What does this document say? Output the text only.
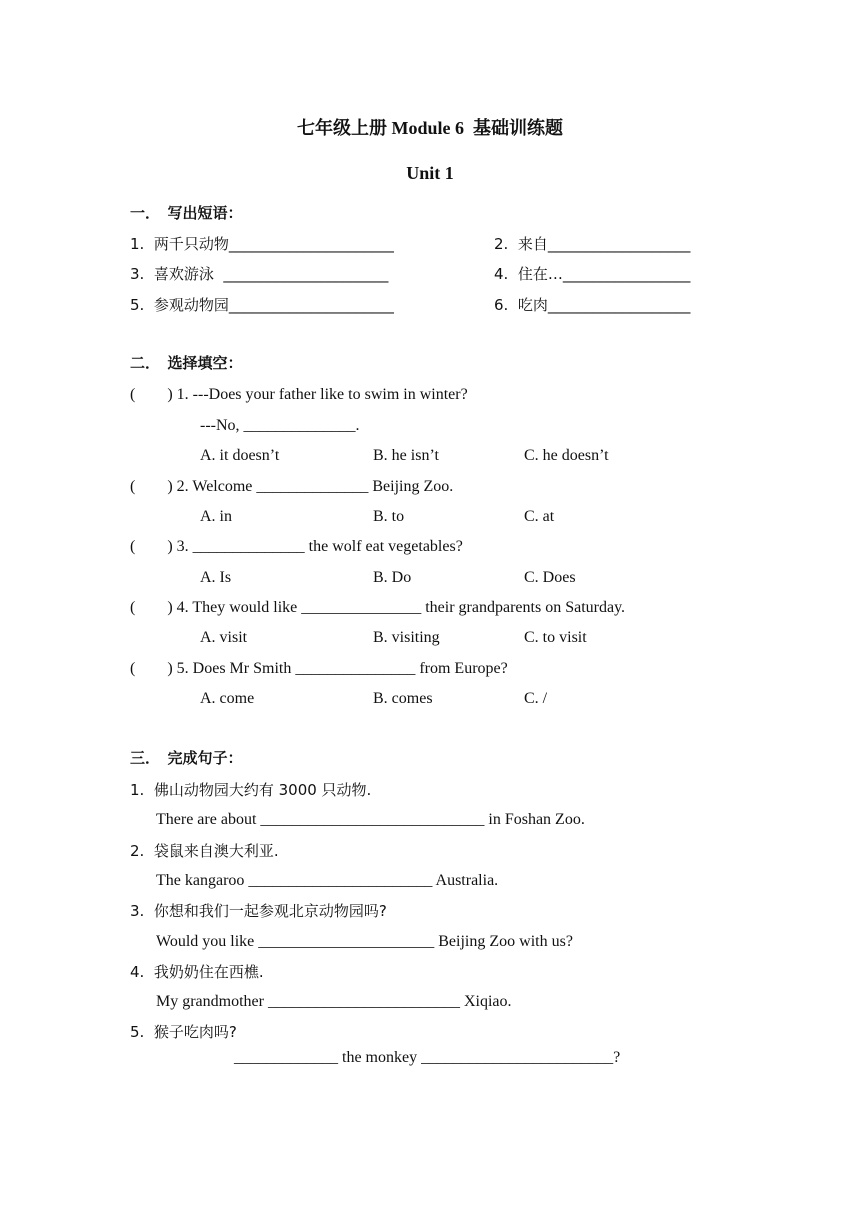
七年级上册 Module 6  基础训练题
Unit 1
一．　写出短语：
1.  两千只动物______________________	2.  来自___________________
3.  喜欢游泳  ______________________	4.  住在…_________________
5.  参观动物园______________________	6.  吃肉___________________
二．　选择填空：
(        ) 1. ---Does your father like to swim in winter?
---No, ______________.
A. it doesn’t	B. he isn’t	C. he doesn’t
(        ) 2. Welcome ______________ Beijing Zoo.
A. in	B. to	C. at
(        ) 3. ______________ the wolf eat vegetables?
A. Is	B. Do	C. Does
(        ) 4. They would like _______________ their grandparents on Saturday.
A. visit	B. visiting	C. to visit
(        ) 5. Does Mr Smith _______________ from Europe?
A. come	B. comes	C. /
三．　完成句子：
1.  佛山动物园大约有 3000 只动物.
There are about ____________________________ in Foshan Zoo.
2.  袋鼠来自澳大利亚.
The kangaroo _______________________ Australia.
3.  你想和我们一起参观北京动物园吗?
Would you like ______________________ Beijing Zoo with us?
4.  我奶奶住在西樵.
My grandmother ________________________ Xiqiao.
5.  猴子吃肉吗?
_____________ the monkey ________________________?
